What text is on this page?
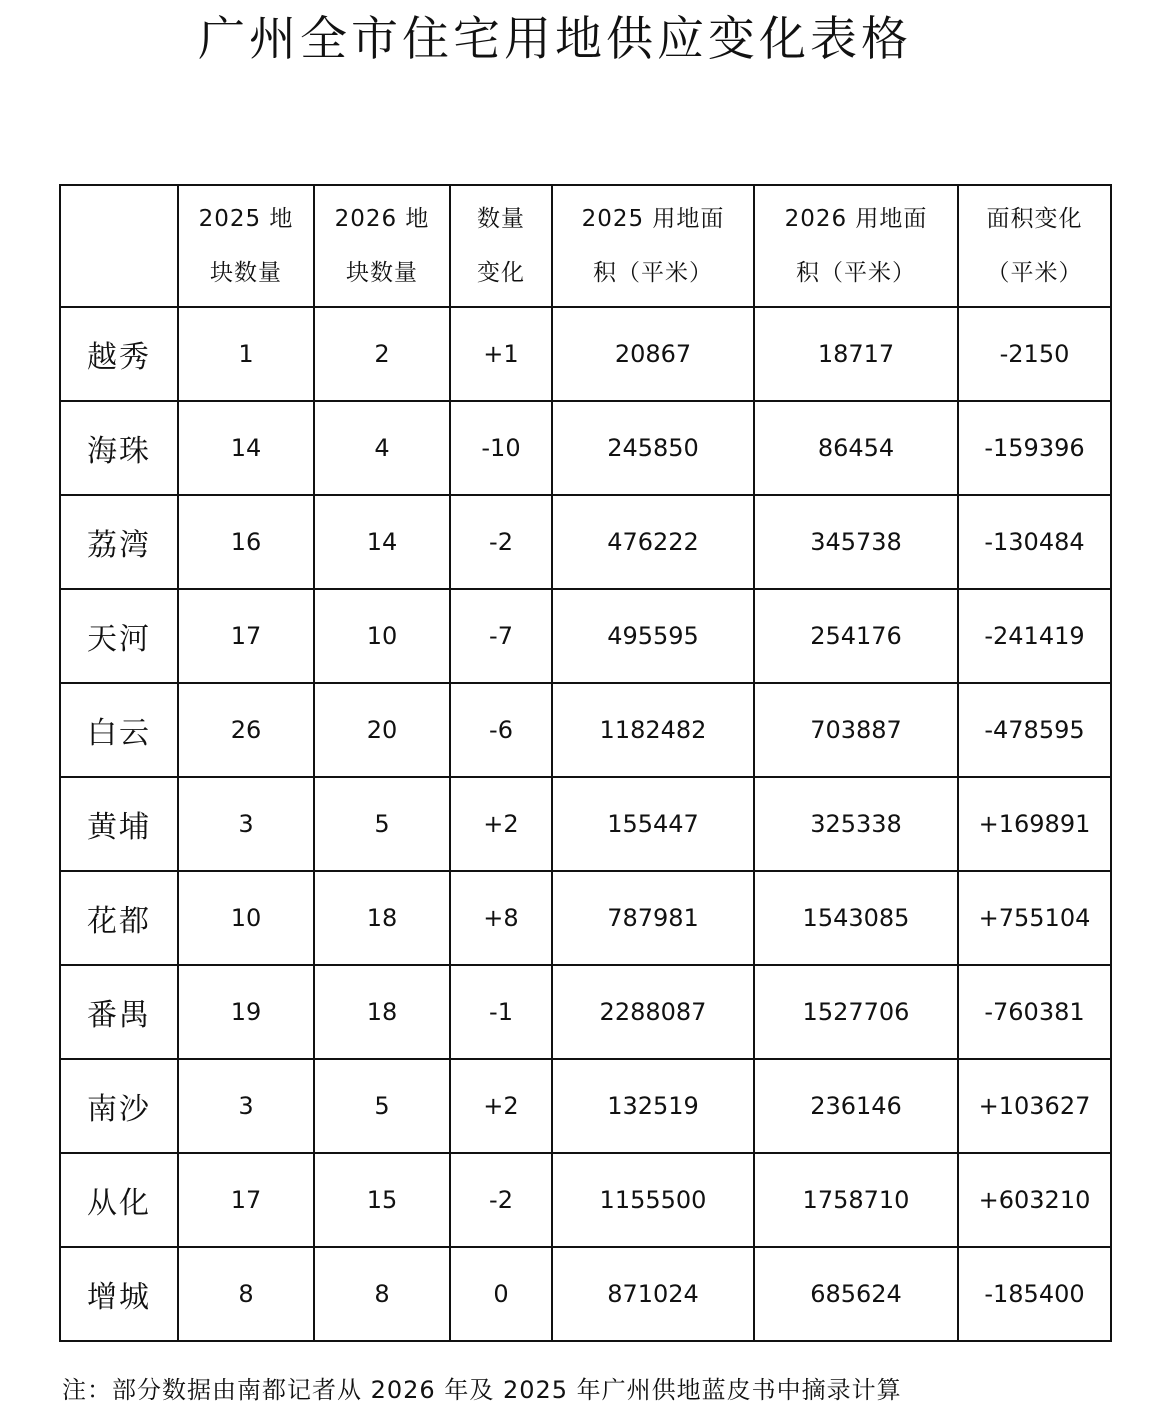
广州全市住宅用地供应变化表格
	2025 地块数量	2026 地块数量	数量变化	2025 用地面积（平米）	2026 用地面积（平米）	面积变化（平米）
越秀	1	2	+1	20867	18717	-2150
海珠	14	4	-10	245850	86454	-159396
荔湾	16	14	-2	476222	345738	-130484
天河	17	10	-7	495595	254176	-241419
白云	26	20	-6	1182482	703887	-478595
黄埔	3	5	+2	155447	325338	+169891
花都	10	18	+8	787981	1543085	+755104
番禺	19	18	-1	2288087	1527706	-760381
南沙	3	5	+2	132519	236146	+103627
从化	17	15	-2	1155500	1758710	+603210
增城	8	8	0	871024	685624	-185400
注：部分数据由南都记者从 2026 年及 2025 年广州供地蓝皮书中摘录计算
